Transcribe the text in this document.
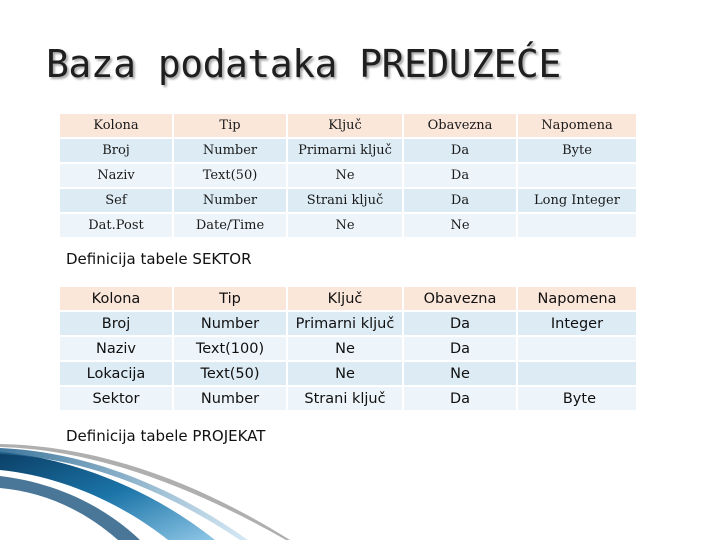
Baza podataka PREDUZEĆE
Kolona	Tip	Ključ	Obavezna	Napomena
Broj	Number	Primarni ključ	Da	Byte
Naziv	Text(50)	Ne	Da	
Sef	Number	Strani ključ	Da	Long Integer
Dat.Post	Date/Time	Ne	Ne	
Definicija tabele SEKTOR
Kolona	Tip	Ključ	Obavezna	Napomena
Broj	Number	Primarni ključ	Da	Integer
Naziv	Text(100)	Ne	Da	
Lokacija	Text(50)	Ne	Ne	
Sektor	Number	Strani ključ	Da	Byte
Definicija tabele PROJEKAT
